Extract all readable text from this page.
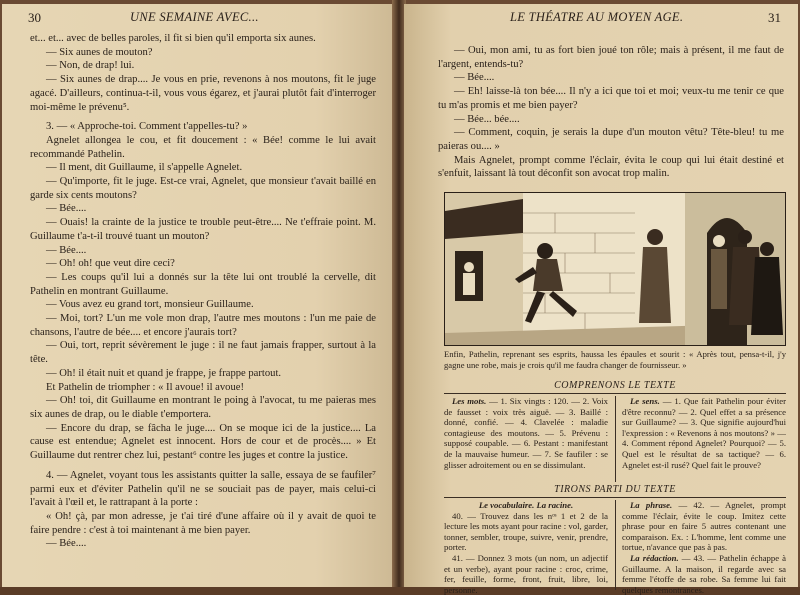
30	UNE SEMAINE AVEC...

et... et... avec de belles paroles, il fit si bien qu'il emporta six aunes.

— Six aunes de mouton?

— Non, de drap! lui.

— Six aunes de drap.... Je vous en prie, revenons à nos moutons, fit le juge agacé. D'ailleurs, continua-t-il, vous vous égarez, et j'aurai plutôt fait d'interroger moi-même le prévenu⁵.

3. — « Approche-toi. Comment t'appelles-tu? »

Agnelet allongea le cou, et fit doucement : « Bée! comme le lui avait recommandé Pathelin.

— Il ment, dit Guillaume, il s'appelle Agnelet.

— Qu'importe, fit le juge. Est-ce vrai, Agnelet, que monsieur t'avait baillé en garde six cents moutons?

— Bée....

— Ouais! la crainte de la justice te trouble peut-être.... Ne t'effraie point. M. Guillaume t'a-t-il trouvé tuant un mouton?

— Bée....

— Oh! oh! que veut dire ceci?

— Les coups qu'il lui a donnés sur la tête lui ont troublé la cervelle, dit Pathelin en montrant Guillaume.

— Vous avez eu grand tort, monsieur Guillaume.

— Moi, tort? L'un me vole mon drap, l'autre mes moutons : l'un me paie de chansons, l'autre de bée.... et encore j'aurais tort?

— Oui, tort, reprit sévèrement le juge : il ne faut jamais frapper, surtout à la tête.

— Oh! il était nuit et quand je frappe, je frappe partout.

Et Pathelin de triompher : « Il avoue! il avoue!

— Oh! toi, dit Guillaume en montrant le poing à l'avocat, tu me paieras mes six aunes de drap, ou le diable t'emportera.

— Encore du drap, se fâcha le juge.... On se moque ici de la justice.... La cause est entendue; Agnelet est innocent. Hors de cour et de procès.... » Et Guillaume dut rentrer chez lui, pestant⁶ contre les juges et contre la justice.

4. — Agnelet, voyant tous les assistants quitter la salle, essaya de se faufiler⁷ parmi eux et d'éviter Pathelin qu'il ne se souciait pas de payer, mais celui-ci l'avait à l'œil et, le rattrapant à la porte :

« Oh! çà, par mon adresse, je t'ai tiré d'une affaire où il y avait de quoi te faire pendre : c'est à toi maintenant à me bien payer.

— Bée....

LE THÉATRE AU MOYEN AGE.	31

— Oui, mon ami, tu as fort bien joué ton rôle; mais à présent, il me faut de l'argent, entends-tu?

— Bée....

— Eh! laisse-là ton bée.... Il n'y a ici que toi et moi; veux-tu me tenir ce que tu m'as promis et me bien payer?

— Bée... bée....

— Comment, coquin, je serais la dupe d'un mouton vêtu? Tête-bleu! tu me paieras ou.... »

Mais Agnelet, prompt comme l'éclair, évita le coup qui lui était destiné et s'enfuit, laissant là tout déconfit son avocat trop malin.

Enfin, Pathelin, reprenant ses esprits, haussa les épaules et sourit : « Après tout, pensa-t-il, j'y gagne une robe, mais je crois qu'il me faudra changer de fournisseur. »
COMPRENONS LE TEXTE

Les mots. — 1. Six vingts : 120. — 2. Voix de fausset : voix très aiguë. — 3. Baillé : donné, confié. — 4. Clavelée : maladie contagieuse des moutons. — 5. Prévenu : supposé coupable. — 6. Pestant : manifestant de la mauvaise humeur. — 7. Se faufiler : se glisser adroitement ou en se dissimulant.

Le sens. — 1. Que fait Pathelin pour éviter d'être reconnu? — 2. Quel effet a sa présence sur Guillaume? — 3. Que signifie aujourd'hui l'expression : « Revenons à nos moutons? » — 4. Comment répond Agnelet? Pourquoi? — 5. Quel est le résultat de sa tactique? — 6. Agnelet est-il rusé? Quel fait le prouve?

TIRONS PARTI DU TEXTE

Le vocabulaire. La racine.

40. — Trouvez dans les nᵒˢ 1 et 2 de la lecture les mots ayant pour racine : vol, garder, tonner, sembler, troupe, suivre, venir, prendre, porter.

41. — Donnez 3 mots (un nom, un adjectif et un verbe), ayant pour racine : croc, crime, fer, feuille, forme, front, fruit, libre, loi, personne.

La phrase. — 42. — Agnelet, prompt comme l'éclair, évite le coup. Imitez cette phrase pour en faire 5 autres contenant une comparaison. Ex. : L'homme, lent comme une tortue, n'avance que pas à pas.

La rédaction. — 43. — Pathelin échappe à Guillaume. A la maison, il regarde avec sa femme l'étoffe de sa robe. Sa femme lui fait quelques remontrances.
